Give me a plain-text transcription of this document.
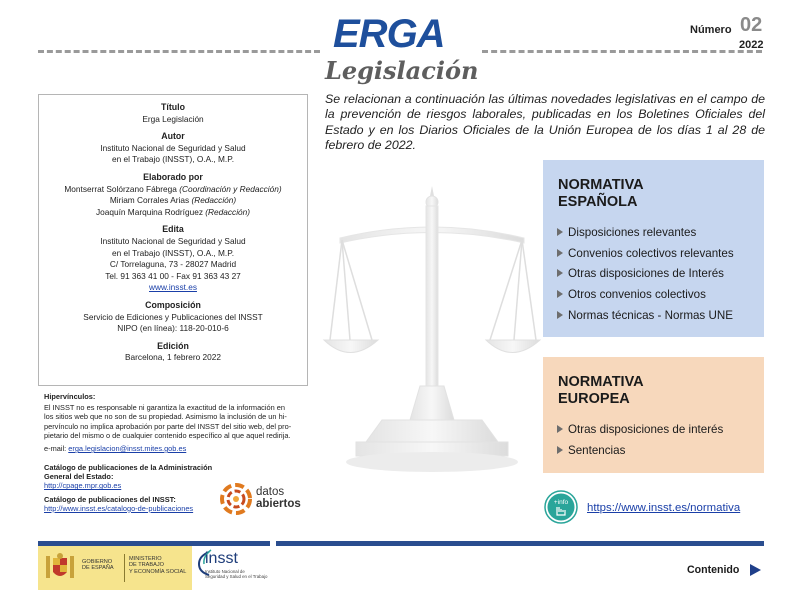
ERGA
Legislación
Número 02
2022
Título
Erga Legislación
Autor
Instituto Nacional de Seguridad y Salud
en el Trabajo (INSST), O.A., M.P.
Elaborado por
Montserrat Solórzano Fábrega (Coordinación y Redacción)
Miriam Corrales Arias (Redacción)
Joaquín Marquina Rodríguez (Redacción)
Edita
Instituto Nacional de Seguridad y Salud
en el Trabajo (INSST), O.A., M.P.
C/ Torrelaguna, 73 - 28027 Madrid
Tel. 91 363 41 00 - Fax 91 363 43 27
www.insst.es
Composición
Servicio de Ediciones y Publicaciones del INSST
NIPO (en línea): 118-20-010-6
Edición
Barcelona, 1 febrero 2022
Hipervínculos:
El INSST no es responsable ni garantiza la exactitud de la información en
los sitios web que no son de su propiedad. Asimismo la inclusión de un hi-
pervínculo no implica aprobación por parte del INSST del sitio web, del pro-
pietario del mismo o de cualquier contenido específico al que aquel redirija.
e-mail: erga.legislacion@insst.mites.gob.es
Catálogo de publicaciones de la Administración
General del Estado:
http://cpage.mpr.gob.es
Catálogo de publicaciones del INSST:
http://www.insst.es/catalogo-de-publicaciones
datos
abiertos
Se relacionan a continuación las últimas novedades legislativas en el campo de la prevención de riesgos laborales, publicadas en los Boletines Oficiales del Estado y en los Diarios Oficiales de la Unión Europea de los días 1 al 28 de febrero de 2022.
NORMATIVA
ESPAÑOLA
Disposiciones relevantes
Convenios colectivos relevantes
Otras disposiciones de Interés
Otros convenios colectivos
Normas técnicas - Normas UNE
NORMATIVA
EUROPEA
Otras disposiciones de interés
Sentencias
+info https://www.insst.es/normativa
GOBIERNO
DE ESPAÑA
MINISTERIO
DE TRABAJO
Y ECONOMÍA SOCIAL
insst
Instituto Nacional de
Seguridad y Salud en el Trabajo
Contenido
